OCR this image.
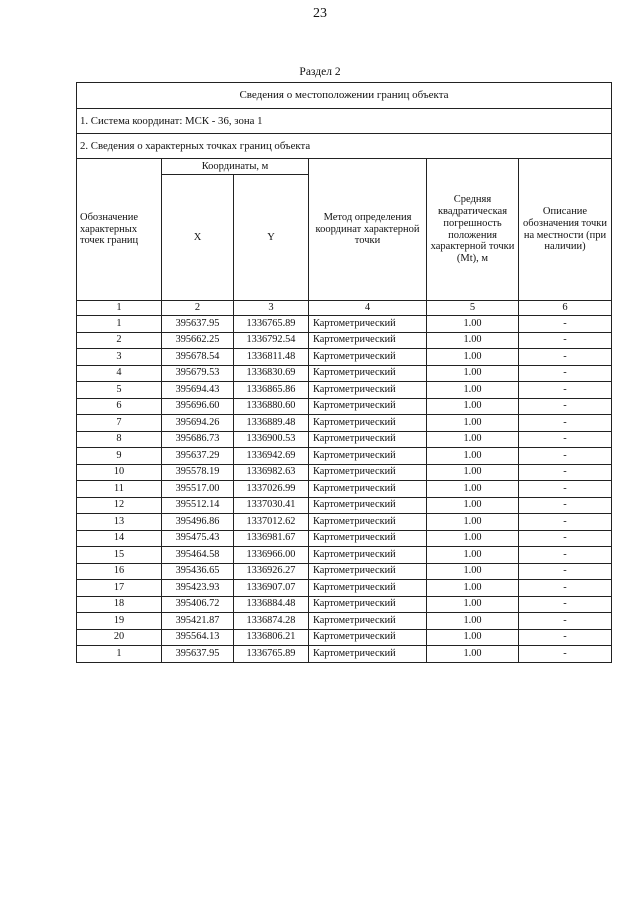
23
Раздел 2
Сведения о местоположении границ объекта					
1. Система координат: МСК - 36, зона 1					
2. Сведения о характерных точках границ объекта					
Обозначение характерных точек границ	Координаты, м		Метод определения координат характерной точки	Средняя квадратическая погрешность положения характерной точки (Mt), м	Описание обозначения точки на местности (при наличии)
	X	Y			
1	2	3	4	5	6
1	395637.95	1336765.89	Картометрический	1.00	-
2	395662.25	1336792.54	Картометрический	1.00	-
3	395678.54	1336811.48	Картометрический	1.00	-
4	395679.53	1336830.69	Картометрический	1.00	-
5	395694.43	1336865.86	Картометрический	1.00	-
6	395696.60	1336880.60	Картометрический	1.00	-
7	395694.26	1336889.48	Картометрический	1.00	-
8	395686.73	1336900.53	Картометрический	1.00	-
9	395637.29	1336942.69	Картометрический	1.00	-
10	395578.19	1336982.63	Картометрический	1.00	-
11	395517.00	1337026.99	Картометрический	1.00	-
12	395512.14	1337030.41	Картометрический	1.00	-
13	395496.86	1337012.62	Картометрический	1.00	-
14	395475.43	1336981.67	Картометрический	1.00	-
15	395464.58	1336966.00	Картометрический	1.00	-
16	395436.65	1336926.27	Картометрический	1.00	-
17	395423.93	1336907.07	Картометрический	1.00	-
18	395406.72	1336884.48	Картометрический	1.00	-
19	395421.87	1336874.28	Картометрический	1.00	-
20	395564.13	1336806.21	Картометрический	1.00	-
1	395637.95	1336765.89	Картометрический	1.00	-
